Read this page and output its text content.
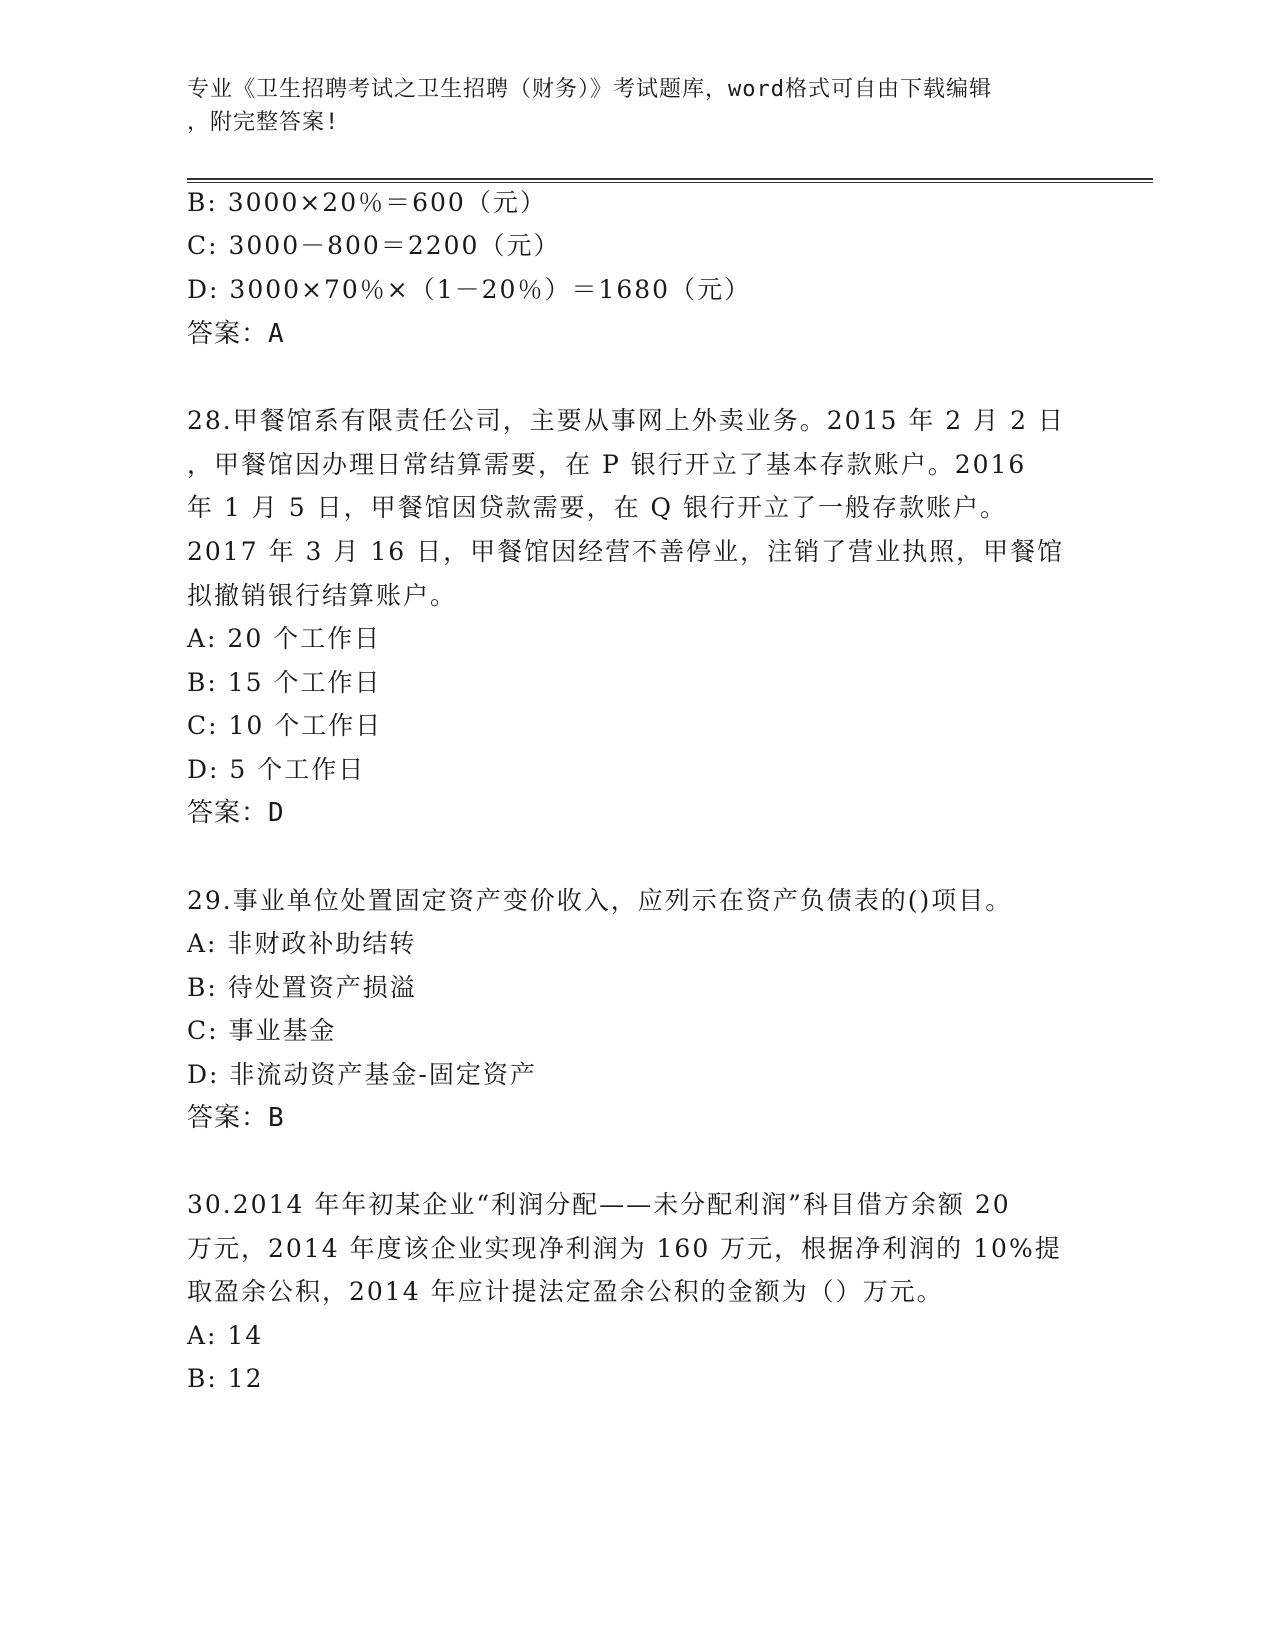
专业《卫生招聘考试之卫生招聘（财务）》考试题库，word格式可自由下载编辑
，附完整答案!
B: 3000×20％＝600（元）
C: 3000－800＝2200（元）
D: 3000×70％×（1－20％）＝1680（元）
答案：A
28.甲餐馆系有限责任公司，主要从事网上外卖业务。2015 年 2 月 2 日
，甲餐馆因办理日常结算需要，在 P 银行开立了基本存款账户。2016
年 1 月 5 日，甲餐馆因贷款需要，在 Q 银行开立了一般存款账户。
2017 年 3 月 16 日，甲餐馆因经营不善停业，注销了营业执照，甲餐馆
拟撤销银行结算账户。
A: 20 个工作日
B: 15 个工作日
C: 10 个工作日
D: 5 个工作日
答案：D
29.事业单位处置固定资产变价收入，应列示在资产负债表的()项目。
A: 非财政补助结转
B: 待处置资产损溢
C: 事业基金
D: 非流动资产基金-固定资产
答案：B
30.2014 年年初某企业“利润分配——未分配利润”科目借方余额 20
万元，2014 年度该企业实现净利润为 160 万元，根据净利润的 10%提
取盈余公积，2014 年应计提法定盈余公积的金额为（）万元。
A: 14
B: 12
